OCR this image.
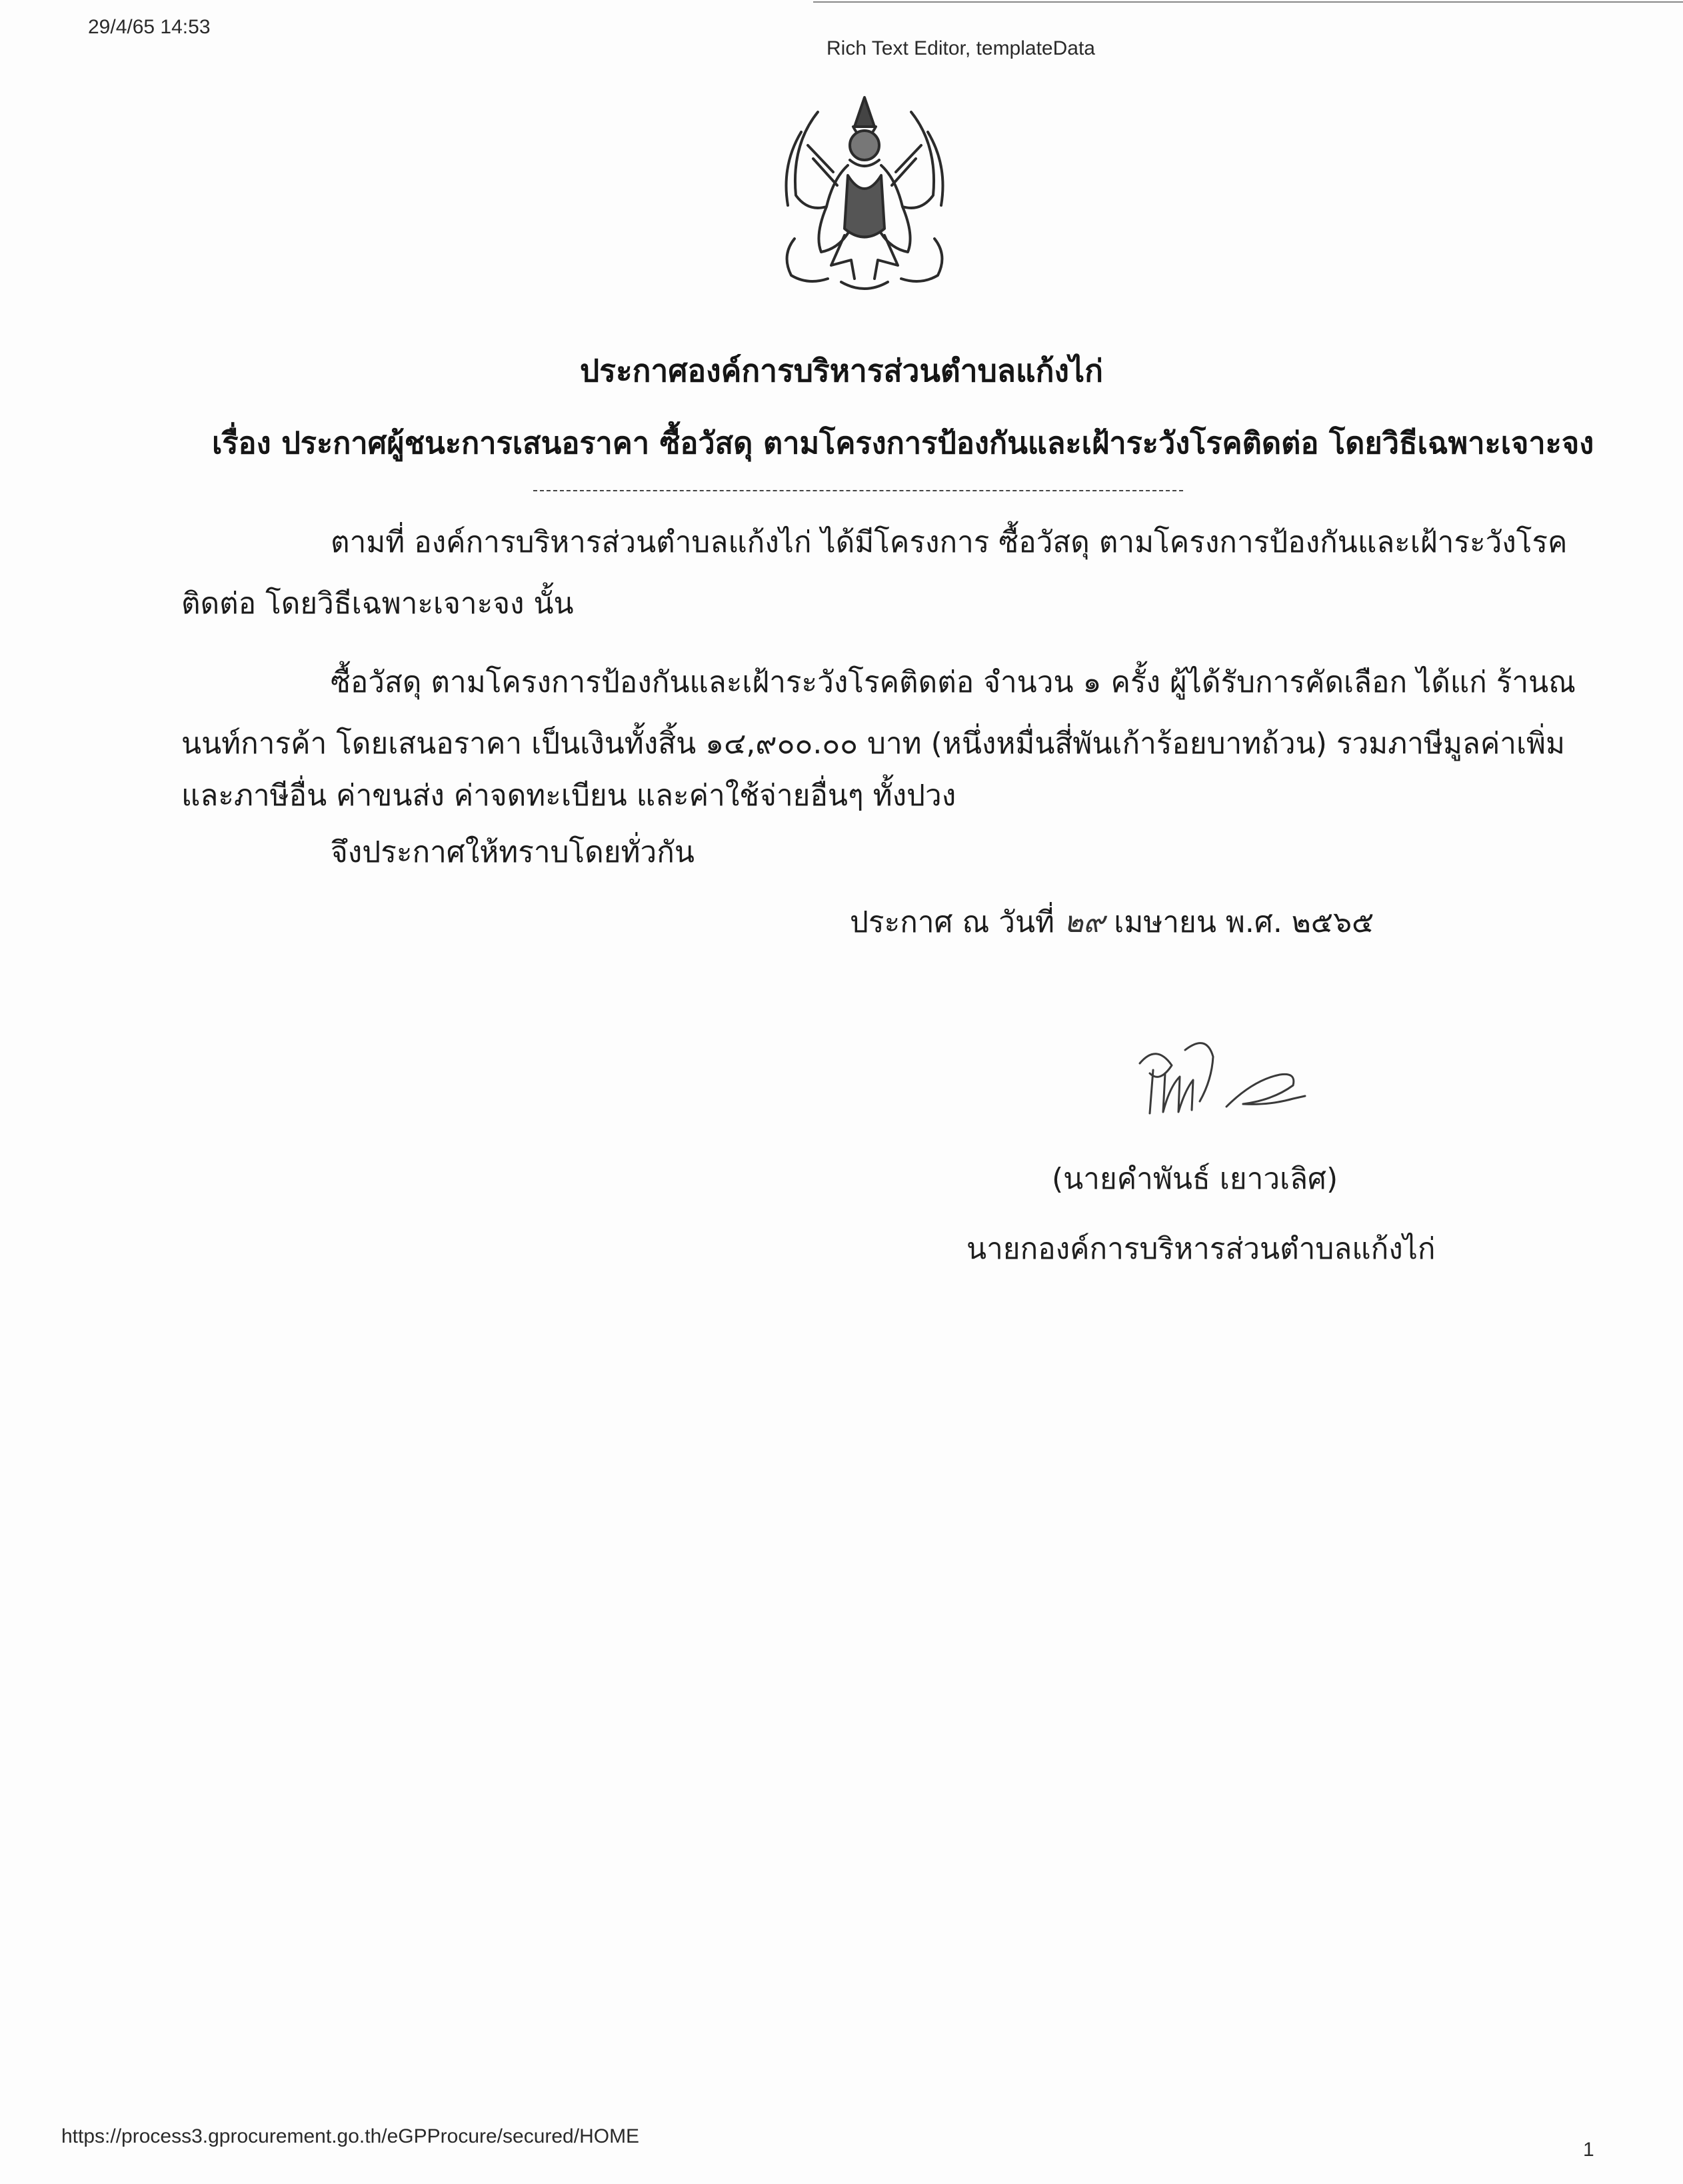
29/4/65 14:53
Rich Text Editor, templateData
ประกาศองค์การบริหารส่วนตำบลแก้งไก่
เรื่อง ประกาศผู้ชนะการเสนอราคา ซื้อวัสดุ ตามโครงการป้องกันและเฝ้าระวังโรคติดต่อ โดยวิธีเฉพาะเจาะจง
ตามที่ องค์การบริหารส่วนตำบลแก้งไก่ ได้มีโครงการ ซื้อวัสดุ ตามโครงการป้องกันและเฝ้าระวังโรค
ติดต่อ โดยวิธีเฉพาะเจาะจง นั้น
ซื้อวัสดุ ตามโครงการป้องกันและเฝ้าระวังโรคติดต่อ จำนวน ๑ ครั้ง ผู้ได้รับการคัดเลือก ได้แก่ ร้านณ
นนท์การค้า โดยเสนอราคา เป็นเงินทั้งสิ้น ๑๔,๙๐๐.๐๐ บาท (หนึ่งหมื่นสี่พันเก้าร้อยบาทถ้วน) รวมภาษีมูลค่าเพิ่ม
และภาษีอื่น ค่าขนส่ง ค่าจดทะเบียน และค่าใช้จ่ายอื่นๆ ทั้งปวง
จึงประกาศให้ทราบโดยทั่วกัน
ประกาศ ณ วันที่ ๒๙ เมษายน พ.ศ. ๒๕๖๕
(นายคำพันธ์ เยาวเลิศ)
นายกองค์การบริหารส่วนตำบลแก้งไก่
https://process3.gprocurement.go.th/eGPProcure/secured/HOME
1
